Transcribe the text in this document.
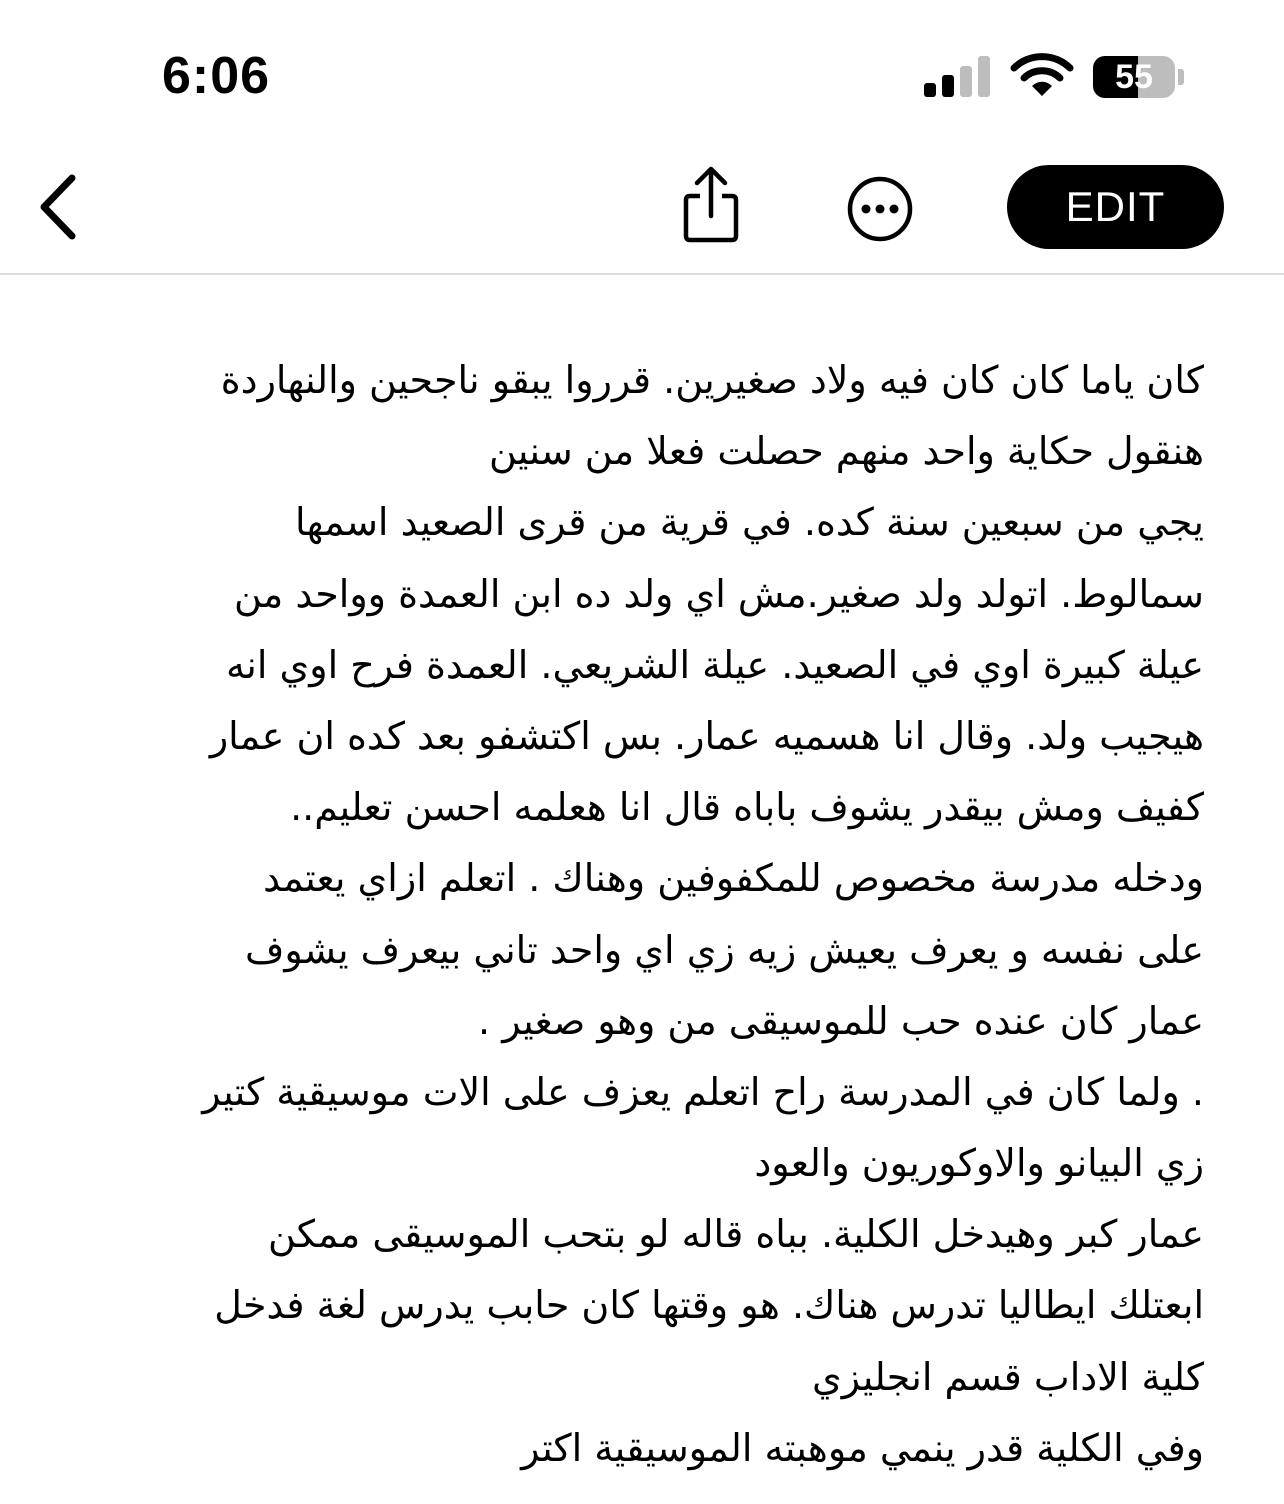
6:06	55
EDIT
كان ياما كان كان فيه ولاد صغيرين. قرروا يبقو ناجحين والنهاردة
هنقول حكاية واحد منهم حصلت فعلا من سنين
يجي من سبعين سنة كده. في قرية من قرى الصعيد اسمها
سمالوط. اتولد ولد صغير.مش اي ولد ده ابن العمدة وواحد من
عيلة كبيرة اوي في الصعيد. عيلة الشريعي. العمدة فرح اوي انه
هيجيب ولد. وقال انا هسميه عمار. بس اكتشفو بعد كده ان عمار
كفيف ومش بيقدر يشوف باباه قال انا هعلمه احسن تعليم..
ودخله مدرسة مخصوص للمكفوفين وهناك . اتعلم ازاي يعتمد
على نفسه و يعرف يعيش زيه زي اي واحد تاني بيعرف يشوف
عمار كان عنده حب للموسيقى من وهو صغير .
. ولما كان في المدرسة راح اتعلم يعزف على الات موسيقية كتير
زي البيانو والاوكوريون والعود
عمار كبر وهيدخل الكلية. بباه قاله لو بتحب الموسيقى ممكن
ابعتلك ايطاليا تدرس هناك. هو وقتها كان حابب يدرس لغة فدخل
كلية الاداب قسم انجليزي
وفي الكلية قدر ينمي موهبته الموسيقية اكتر
